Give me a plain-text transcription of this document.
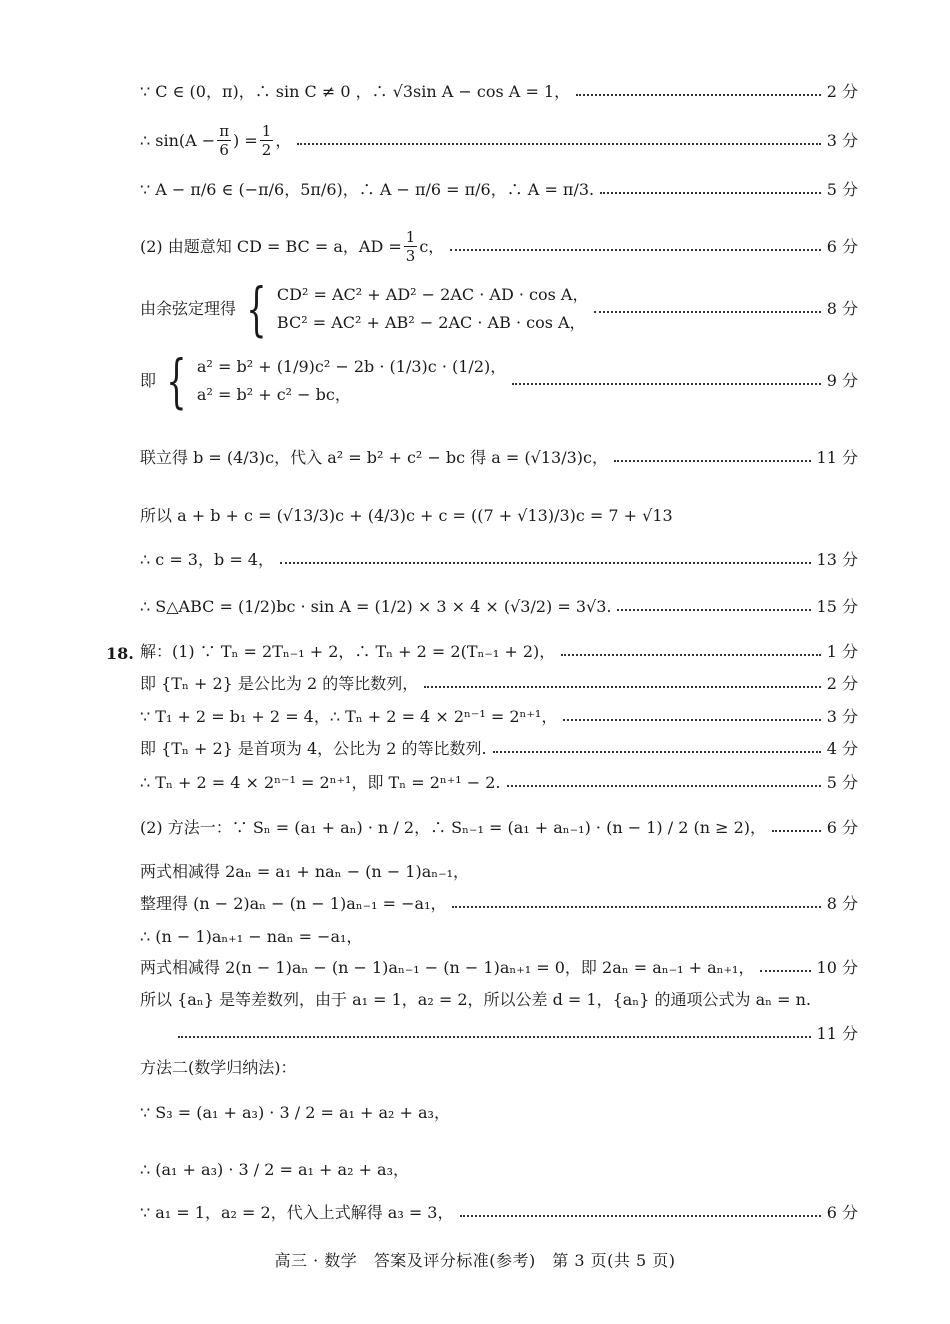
∵ C ∈ (0，π)，∴ sin C ≠ 0 ，∴ √3sin A − cos A = 1，	2 分
∴ $\sin(A - \frac{\pi}{6}$ ) = $\frac{1}{2}$ ，	3 分
∵ A − π/6 ∈ (−π/6，5π/6)，∴ A − π/6 = π/6，∴ A = π/3.	5 分
(2) 由题意知 CD = BC = a，AD = $\frac{1}{3}$ c，	6 分
由余弦定理得 { CD² = AC² + AD² − 2AC · AD · cos A，
BC² = AC² + AB² − 2AC · AB · cos A，
8 分
即 { a² = b² + (1/9)c² − 2b · (1/3)c · (1/2)，
a² = b² + c² − bc，
9 分
联立得 b = (4/3)c，代入 a² = b² + c² − bc 得 a = (√13/3)c，	11 分
所以 a + b + c = (√13/3)c + (4/3)c + c = ((7 + √13)/3)c = 7 + √13
∴ c = 3，b = 4，	13 分
∴ S△ABC = (1/2)bc · sin A = (1/2) × 3 × 4 × (√3/2) = 3√3.	15 分
18. 解：(1) ∵ Tₙ = 2Tₙ₋₁ + 2，∴ Tₙ + 2 = 2(Tₙ₋₁ + 2)，	1 分
即 {Tₙ + 2} 是公比为 2 的等比数列，	2 分
∵ T₁ + 2 = b₁ + 2 = 4，∴ Tₙ + 2 = 4 × 2ⁿ⁻¹ = 2ⁿ⁺¹，	3 分
即 {Tₙ + 2} 是首项为 4，公比为 2 的等比数列.	4 分
∴ Tₙ + 2 = 4 × 2ⁿ⁻¹ = 2ⁿ⁺¹，即 Tₙ = 2ⁿ⁺¹ − 2.	5 分
(2) 方法一：∵ Sₙ = (a₁ + aₙ) · n / 2，∴ Sₙ₋₁ = (a₁ + aₙ₋₁) · (n − 1) / 2 (n ≥ 2)，	6 分
两式相减得 2aₙ = a₁ + naₙ − (n − 1)aₙ₋₁，
整理得 (n − 2)aₙ − (n − 1)aₙ₋₁ = −a₁，	8 分
∴ (n − 1)aₙ₊₁ − naₙ = −a₁，
两式相减得 2(n − 1)aₙ − (n − 1)aₙ₋₁ − (n − 1)aₙ₊₁ = 0，即 2aₙ = aₙ₋₁ + aₙ₊₁，	10 分
所以 {aₙ} 是等差数列，由于 a₁ = 1，a₂ = 2，所以公差 d = 1，{aₙ} 的通项公式为 aₙ = n.
11 分
方法二(数学归纳法)：
∵ S₃ = (a₁ + a₃) · 3 / 2 = a₁ + a₂ + a₃，
∴ (a₁ + a₃) · 3 / 2 = a₁ + a₂ + a₃，
∵ a₁ = 1，a₂ = 2，代入上式解得 a₃ = 3，	6 分
高三 · 数学　答案及评分标准(参考)　第 3 页(共 5 页)
